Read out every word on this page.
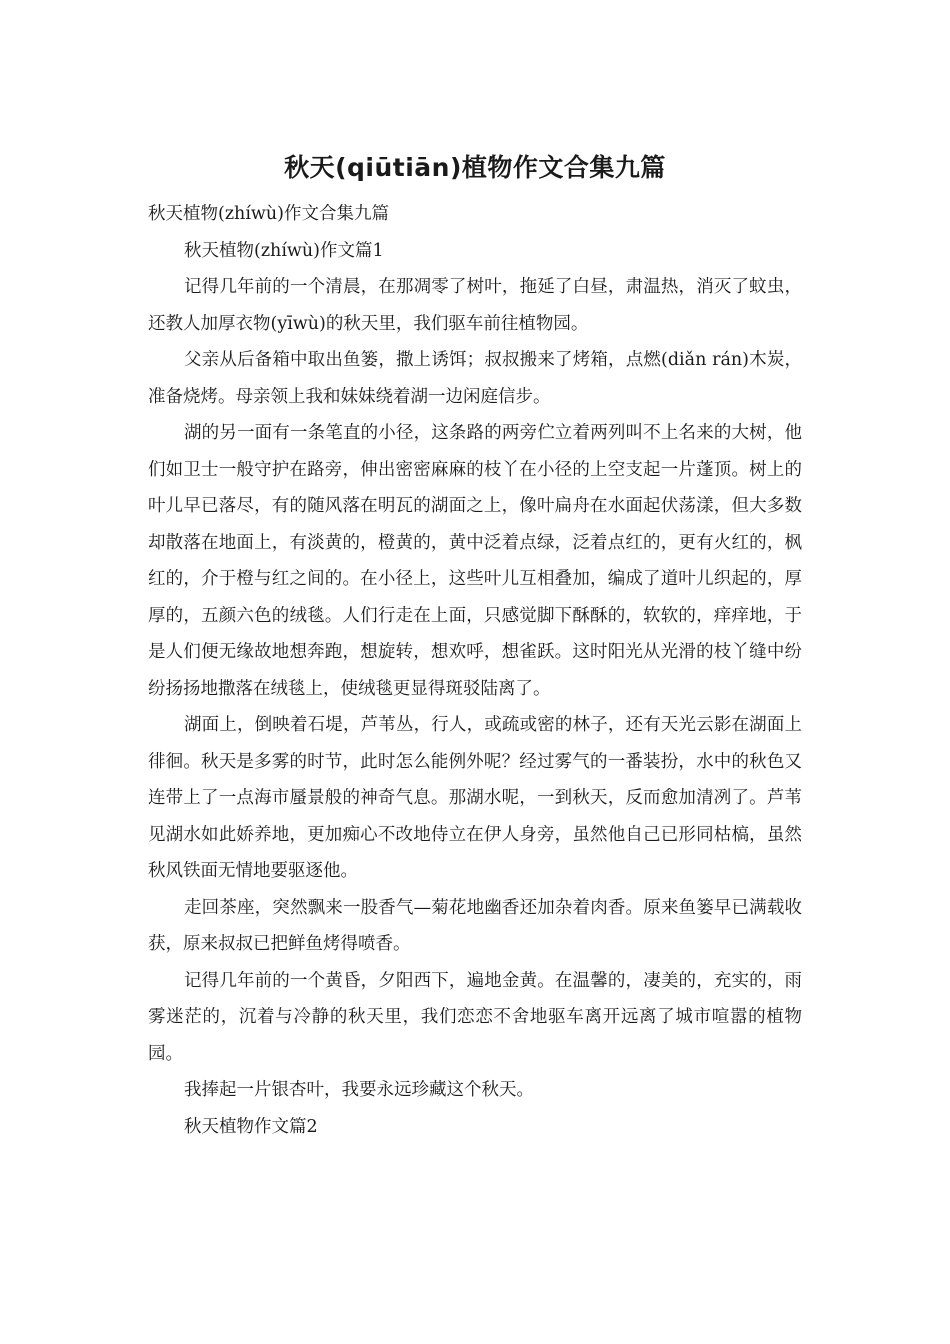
秋天(qiūtiān)植物作文合集九篇

秋天植物(zhíwù)作文合集九篇

秋天植物(zhíwù)作文篇1

记得几年前的一个清晨，在那凋零了树叶，拖延了白昼，肃温热，消灭了蚊虫，还教人加厚衣物(yīwù)的秋天里，我们驱车前往植物园。

父亲从后备箱中取出鱼篓，撒上诱饵；叔叔搬来了烤箱，点燃(diǎn rán)木炭，准备烧烤。母亲领上我和妹妹绕着湖一边闲庭信步。

湖的另一面有一条笔直的小径，这条路的两旁伫立着两列叫不上名来的大树，他们如卫士一般守护在路旁，伸出密密麻麻的枝丫在小径的上空支起一片蓬顶。树上的叶儿早已落尽，有的随风落在明瓦的湖面之上，像叶扁舟在水面起伏荡漾，但大多数却散落在地面上，有淡黄的，橙黄的，黄中泛着点绿，泛着点红的，更有火红的，枫红的，介于橙与红之间的。在小径上，这些叶儿互相叠加，编成了道叶儿织起的，厚厚的，五颜六色的绒毯。人们行走在上面，只感觉脚下酥酥的，软软的，痒痒地，于是人们便无缘故地想奔跑，想旋转，想欢呼，想雀跃。这时阳光从光滑的枝丫缝中纷纷扬扬地撒落在绒毯上，使绒毯更显得斑驳陆离了。

湖面上，倒映着石堤，芦苇丛，行人，或疏或密的林子，还有天光云影在湖面上徘徊。秋天是多雾的时节，此时怎么能例外呢？经过雾气的一番装扮，水中的秋色又连带上了一点海市蜃景般的神奇气息。那湖水呢，一到秋天，反而愈加清冽了。芦苇见湖水如此娇养地，更加痴心不改地侍立在伊人身旁，虽然他自己已形同枯槁，虽然秋风铁面无情地要驱逐他。

走回茶座，突然飘来一股香气—菊花地幽香还加杂着肉香。原来鱼篓早已满载收获，原来叔叔已把鲜鱼烤得喷香。

记得几年前的一个黄昏，夕阳西下，遍地金黄。在温馨的，凄美的，充实的，雨雾迷茫的，沉着与冷静的秋天里，我们恋恋不舍地驱车离开远离了城市喧嚣的植物园。

我捧起一片银杏叶，我要永远珍藏这个秋天。

秋天植物作文篇2
